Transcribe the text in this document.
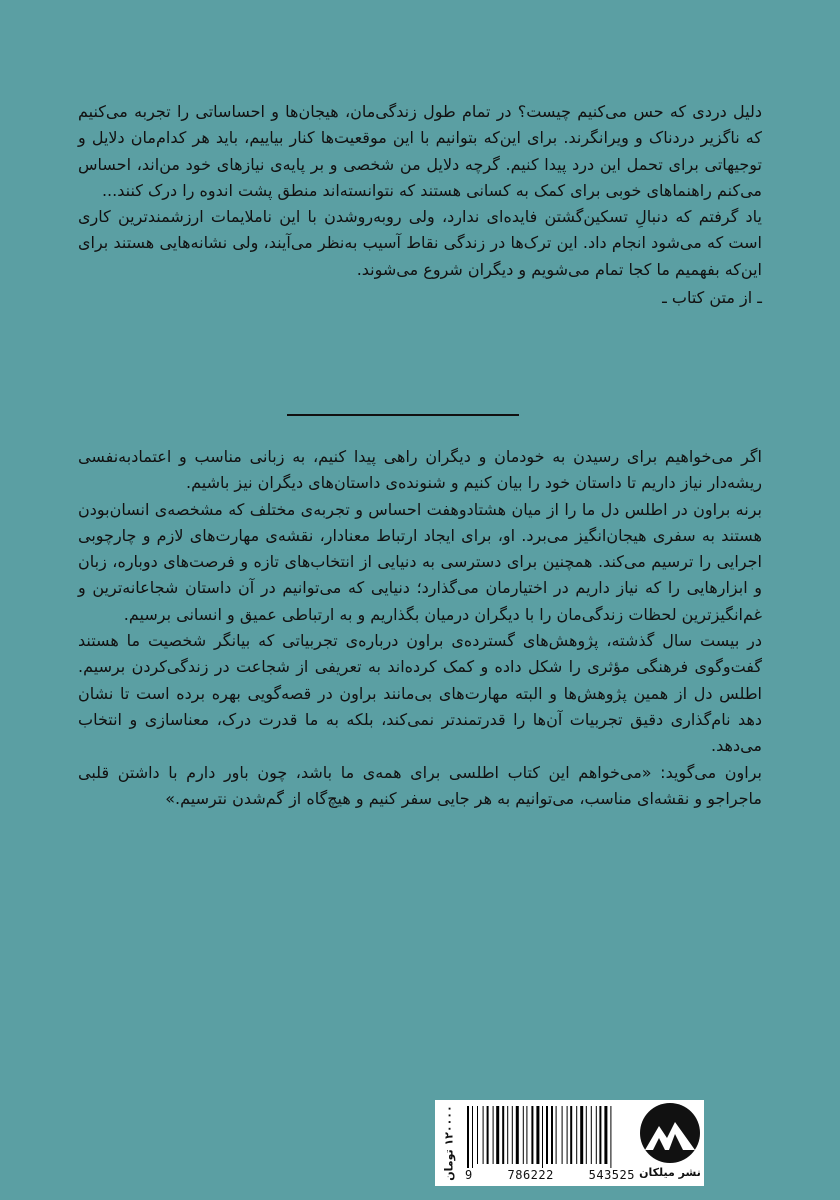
دلیل دردی که حس می‌کنیم چیست؟ در تمام طول زندگی‌مان، هیجان‌ها و احساساتی را تجربه می‌کنیم که ناگزیر دردناک و ویرانگرند. برای این‌که بتوانیم با این موقعیت‌ها کنار بیاییم، باید هر کدام‌مان دلایل و توجیهاتی برای تحمل این درد پیدا کنیم. گرچه دلایل من شخصی و بر پایه‌ی نیازهای خود من‌اند، احساس می‌کنم راهنماهای خوبی برای کمک به کسانی هستند که نتوانسته‌اند منطق پشت اندوه را درک کنند...

یاد گرفتم که دنبالِ تسکین‌گشتن فایده‌ای ندارد، ولی روبه‌روشدن با این ناملایمات ارزشمندترین کاری است که می‌شود انجام داد. این ترک‌ها در زندگی نقاط آسیب به‌نظر می‌آیند، ولی نشانه‌هایی هستند برای این‌که بفهمیم ما کجا تمام می‌شویم و دیگران شروع می‌شوند.

ـ از متن کتاب ـ

اگر می‌خواهیم برای رسیدن به خودمان و دیگران راهی پیدا کنیم، به زبانی مناسب و اعتمادبه‌نفسی ریشه‌دار نیاز داریم تا داستان خود را بیان کنیم و شنونده‌ی داستان‌های دیگران نیز باشیم.

برنه براون در اطلس دل ما را از میان هشتادوهفت احساس و تجربه‌ی مختلف که مشخصه‌ی انسان‌بودن هستند به سفری هیجان‌انگیز می‌برد. او، برای ایجاد ارتباط معنادار، نقشه‌ی مهارت‌های لازم و چارچوبی اجرایی را ترسیم می‌کند. همچنین برای دسترسی به دنیایی از انتخاب‌های تازه و فرصت‌های دوباره، زبان و ابزارهایی را که نیاز داریم در اختیارمان می‌گذارد؛ دنیایی که می‌توانیم در آن داستان شجاعانه‌ترین و غم‌انگیزترین لحظات زندگی‌مان را با دیگران درمیان بگذاریم و به ارتباطی عمیق و انسانی برسیم.

در بیست سال گذشته، پژوهش‌های گسترده‌ی براون درباره‌ی تجربیاتی که بیانگر شخصیت ما هستند گفت‌وگوی فرهنگی مؤثری را شکل داده و کمک کرده‌اند به تعریفی از شجاعت در زندگی‌کردن برسیم. اطلس دل از همین پژوهش‌ها و البته مهارت‌های بی‌مانند براون در قصه‌گویی بهره برده است تا نشان دهد نام‌گذاری دقیق تجربیات آن‌ها را قدرتمندتر نمی‌کند، بلکه به ما قدرت درک، معناسازی و انتخاب می‌دهد.

براون می‌گوید: «می‌خواهم این کتاب اطلسی برای همه‌ی ما باشد، چون باور دارم با داشتن قلبی ماجراجو و نقشه‌ای مناسب، می‌توانیم به هر جایی سفر کنیم و هیچ‌گاه از گم‌شدن نترسیم.»

۱۲۰۰۰۰ تومان
9	786222	543525 نشر میلکان
